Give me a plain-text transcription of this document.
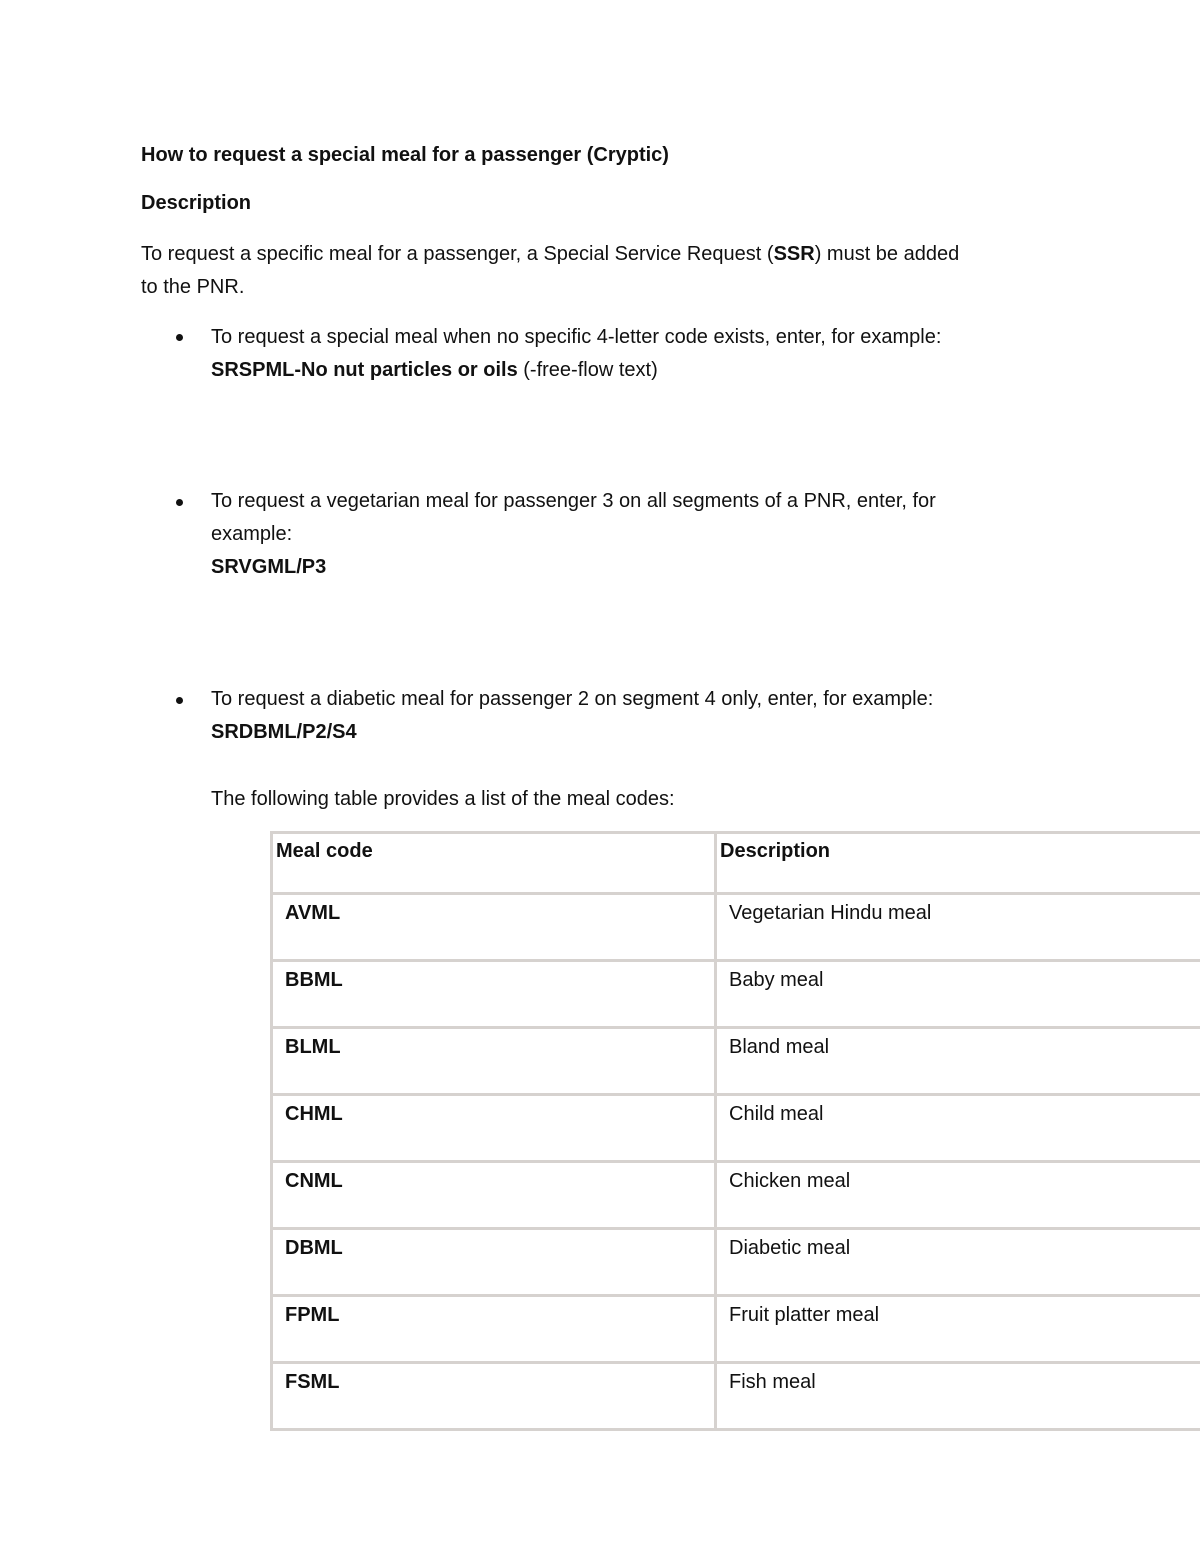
How to request a special meal for a passenger (Cryptic)
Description
To request a specific meal for a passenger, a Special Service Request (SSR) must be added
to the PNR.
To request a special meal when no specific 4-letter code exists, enter, for example:
SRSPML-No nut particles or oils (-free-flow text)
To request a vegetarian meal for passenger 3 on all segments of a PNR, enter, for
example:
SRVGML/P3
To request a diabetic meal for passenger 2 on segment 4 only, enter, for example:
SRDBML/P2/S4
The following table provides a list of the meal codes:
Meal code	Description
AVML	Vegetarian Hindu meal
BBML	Baby meal
BLML	Bland meal
CHML	Child meal
CNML	Chicken meal
DBML	Diabetic meal
FPML	Fruit platter meal
FSML	Fish meal
